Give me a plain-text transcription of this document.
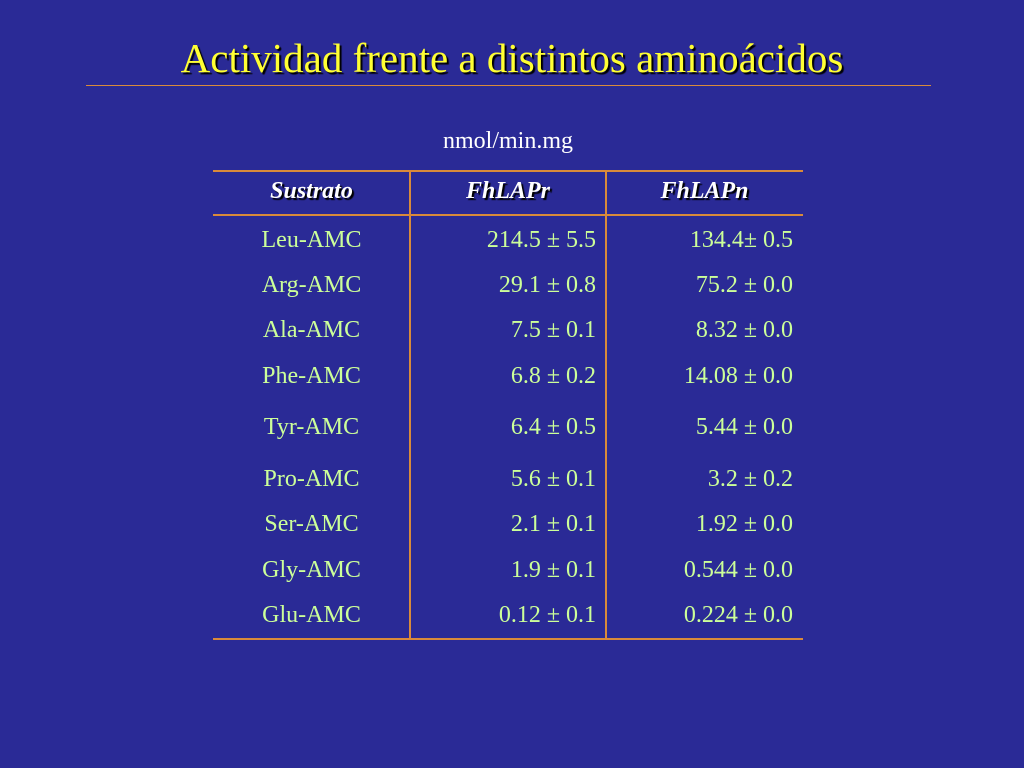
Actividad frente a distintos aminoácidos
nmol/min.mg
Sustrato	FhLAPr	FhLAPn
Leu-AMC	214.5 ± 5.5	134.4± 0.5
Arg-AMC	29.1 ± 0.8	75.2 ± 0.0
Ala-AMC	7.5 ± 0.1	8.32 ± 0.0
Phe-AMC	6.8 ± 0.2	14.08 ± 0.0
Tyr-AMC	6.4 ± 0.5	5.44 ± 0.0
Pro-AMC	5.6 ± 0.1	3.2 ± 0.2
Ser-AMC	2.1 ± 0.1	1.92 ± 0.0
Gly-AMC	1.9 ± 0.1	0.544 ± 0.0
Glu-AMC	0.12 ± 0.1	0.224 ± 0.0
